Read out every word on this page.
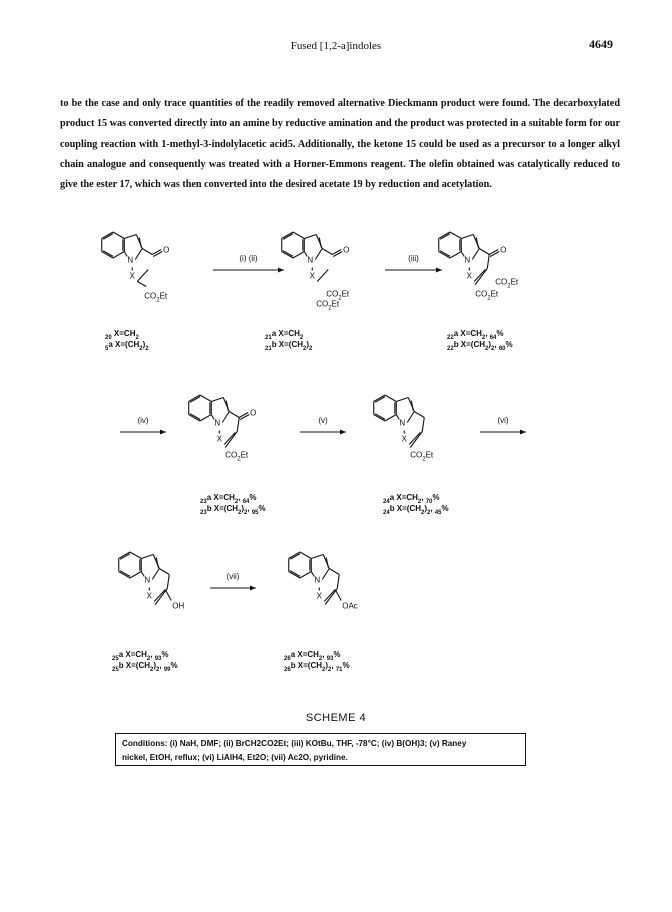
Fused [1,2-a]indoles	4649

to be the case and only trace quantities of the readily removed alternative Dieckmann product were found. The decarboxylated product 15 was converted directly into an amine by reductive amination and the product was protected in a suitable form for our coupling reaction with 1-methyl-3-indolylacetic acid5. Additionally, the ketone 15 could be used as a precursor to a longer alkyl chain analogue and consequently was treated with a Horner-Emmons reagent. The olefin obtained was catalytically reduced to give the ester 17, which was then converted into the desired acetate 19 by reduction and acetylation.

N
X
O
$CO_2Et$
N
X
O
$CO_2Et$
$CO_2Et$
N
X
O
$CO_2Et$
$CO_2Et$
N
X
O
$CO_2Et$
N
X
$CO_2Et$
N
X
OH
N
X
OAc
(i) (ii)	(iii)
(iv)	(v)	(vi)
(vii)
$_{20}$ $X=CH_2$
$_5$a $X=(CH_2)_2$
$_{21}$a $X=CH_2$
$_{21}$b $X=(CH_2)_2$
$_{22}$a $X=CH_2$, $_{64}$%
$_{22}$b $X=(CH_2)_2$, $_{60}$%
$_{23}$a $X=CH_2$, $_{64}$%
$_{23}$b $X=(CH_2)_2$, $_{95}$%
$_{24}$a $X=CH_2$, $_{70}$%
$_{24}$b $X=(CH_2)_2$, $_{45}$%
$_{25}$a $X=CH_2$, $_{93}$%
$_{25}$b $X=(CH_2)_2$, $_{99}$%
$_{26}$a $X=CH_2$, $_{93}$%
$_{26}$b $X=(CH_2)_2$, $_{71}$%
SCHEME 4
Conditions: (i) NaH, DMF; (ii) BrCH2CO2Et; (iii) KOtBu, THF, -78°C; (iv) B(OH)3; (v) Raney
nickel, EtOH, reflux; (vi) LiAlH4, Et2O; (vii) Ac2O, pyridine.
